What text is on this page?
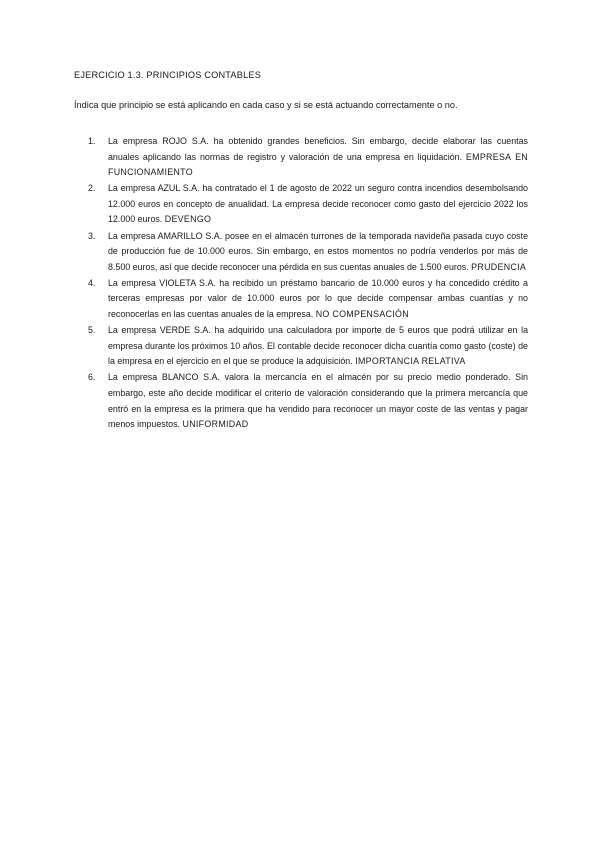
EJERCICIO 1.3. PRINCIPIOS CONTABLES
Índica que principio se está aplicando en cada caso y si se está actuando correctamente o no.
1. La empresa ROJO S.A. ha obtenido grandes beneficios. Sin embargo, decide elaborar las cuentas anuales aplicando las normas de registro y valoración de una empresa en liquidación. EMPRESA EN FUNCIONAMIENTO
2. La empresa AZUL S.A. ha contratado el 1 de agosto de 2022 un seguro contra incendios desembolsando 12.000 euros en concepto de anualidad. La empresa decide reconocer como gasto del ejercicio 2022 los 12.000 euros. DEVENGO
3. La empresa AMARILLO S.A. posee en el almacén turrones de la temporada navideña pasada cuyo coste de producción fue de 10.000 euros. Sin embargo, en estos momentos no podría venderlos por más de 8.500 euros, así que decide reconocer una pérdida en sus cuentas anuales de 1.500 euros. PRUDENCIA
4. La empresa VIOLETA S.A. ha recibido un préstamo bancario de 10.000 euros y ha concedido crédito a terceras empresas por valor de 10.000 euros por lo que decide compensar ambas cuantías y no reconocerlas en las cuentas anuales de la empresa. NO COMPENSACIÓN
5. La empresa VERDE S.A. ha adquirido una calculadora por importe de 5 euros que podrá utilizar en la empresa durante los próximos 10 años. El contable decide reconocer dicha cuantía como gasto (coste) de la empresa en el ejercicio en el que se produce la adquisición. IMPORTANCIA RELATIVA
6. La empresa BLANCO S.A. valora la mercancía en el almacén por su precio medio ponderado. Sin embargo, este año decide modificar el criterio de valoración considerando que la primera mercancía que entró en la empresa es la primera que ha vendido para reconocer un mayor coste de las ventas y pagar menos impuestos. UNIFORMIDAD
